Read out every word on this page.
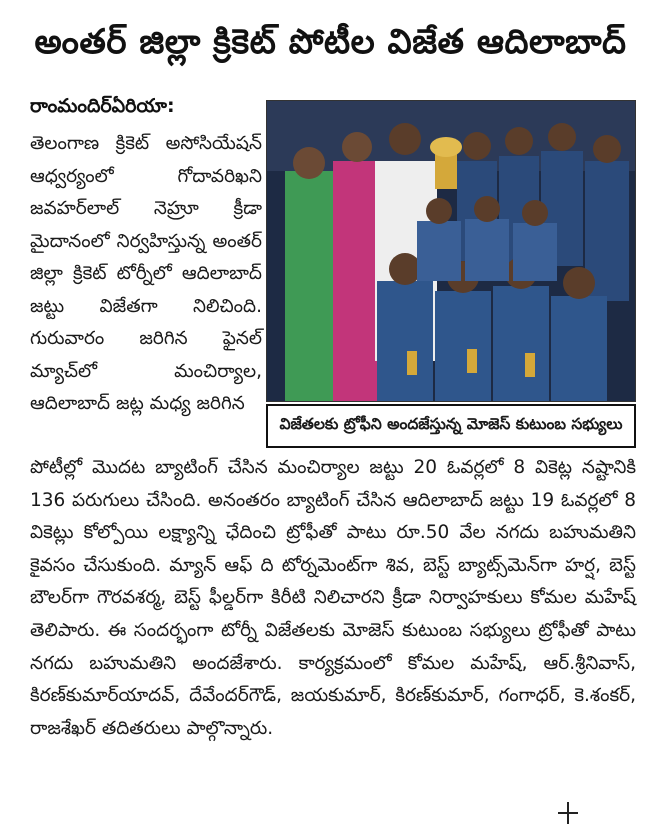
అంతర్ జిల్లా క్రికెట్ పోటీల విజేత ఆదిలాబాద్
రాంమందిర్‌ఏరియా:
తెలంగాణ క్రికెట్ అసోసియేషన్ ఆధ్వర్యంలో గోదావరిఖని జవహర్‌లాల్ నెహ్రూ క్రీడా మైదానంలో నిర్వహిస్తున్న అంతర్ జిల్లా క్రికెట్ టోర్నీలో ఆదిలాబాద్ జట్టు విజేతగా నిలిచింది. గురువారం జరిగిన ఫైనల్ మ్యాచ్‌లో మంచిర్యాల, ఆదిలాబాద్ జట్ల మధ్య జరిగిన
విజేతలకు ట్రోఫీని అందజేస్తున్న మోజెస్ కుటుంబ సభ్యులు
పోటీల్లో మొదట బ్యాటింగ్ చేసిన మంచిర్యాల జట్టు 20 ఓవర్లలో 8 వికెట్ల నష్టానికి 136 పరుగులు చేసింది. అనంతరం బ్యాటింగ్ చేసిన ఆదిలాబాద్ జట్టు 19 ఓవర్లలో 8 వికెట్లు కోల్పోయి లక్ష్యాన్ని ఛేదించి ట్రోఫీతో పాటు రూ.50 వేల నగదు బహుమతిని కైవసం చేసుకుంది. మ్యాన్ ఆఫ్ ది టోర్నమెంట్‌గా శివ, బెస్ట్ బ్యాట్స్‌మెన్‌గా హర్ష, బెస్ట్ బౌలర్‌గా గౌరవశర్మ, బెస్ట్ ఫీల్డర్‌గా కిరీటి నిలిచారని క్రీడా నిర్వాహకులు కోమల మహేష్ తెలిపారు. ఈ సందర్భంగా టోర్నీ విజేతలకు మోజెస్ కుటుంబ సభ్యులు ట్రోఫీతో పాటు నగదు బహుమతిని అందజేశారు. కార్యక్రమంలో కోమల మహేష్, ఆర్.శ్రీనివాస్, కిరణ్‌కుమార్‌యాదవ్, దేవేందర్‌గౌడ్, జయకుమార్, కిరణ్‌కుమార్, గంగాధర్, కె.శంకర్, రాజశేఖర్ తదితరులు పాల్గొన్నారు.
